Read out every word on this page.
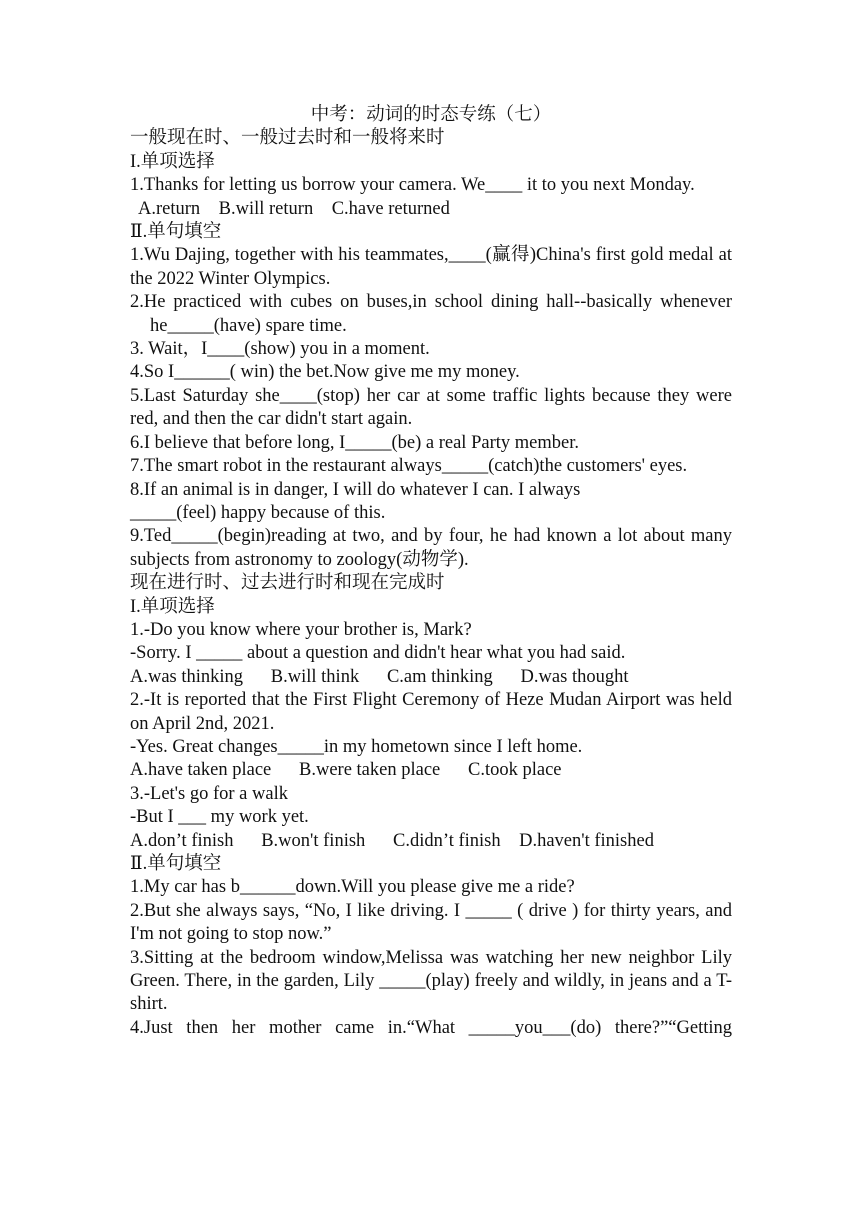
中考：动词的时态专练（七）

一般现在时、一般过去时和一般将来时

I.单项选择

1.Thanks for letting us borrow your camera. We____ it to you next Monday.

A.return    B.will return    C.have returned

Ⅱ.单句填空

1.Wu Dajing, together with his teammates,____(赢得)China's first gold medal at the 2022 Winter Olympics.

2.He practiced with cubes on buses,in school dining hall--basically whenever he_____(have) spare time.

3. Wait，I____(show) you in a moment.

4.So I______( win) the bet.Now give me my money.

5.Last Saturday she____(stop) her car at some traffic lights because they were red, and then the car didn't start again.

6.I believe that before long, I_____(be) a real Party member.

7.The smart robot in the restaurant always_____(catch)the customers' eyes.

8.If an animal is in danger, I will do whatever I can. I always

_____(feel) happy because of this.

9.Ted_____(begin)reading at two, and by four, he had known a lot about many subjects from astronomy to zoology(动物学).

现在进行时、过去进行时和现在完成时

I.单项选择

1.-Do you know where your brother is, Mark?

-Sorry. I _____ about a question and didn't hear what you had said.

A.was thinking      B.will think      C.am thinking      D.was thought

2.-It is reported that the First Flight Ceremony of Heze Mudan Airport was held on April 2nd, 2021.

-Yes. Great changes_____in my hometown since I left home.

A.have taken place      B.were taken place      C.took place

3.-Let's go for a walk

-But I ___ my work yet.

A.don’t finish      B.won't finish      C.didn’t finish    D.haven't finished

Ⅱ.单句填空

1.My car has b______down.Will you please give me a ride?

2.But she always says, “No, I like driving. I _____ ( drive ) for thirty years, and I'm not going to stop now.”

3.Sitting at the bedroom window,Melissa was watching her new neighbor Lily Green. There, in the garden, Lily _____(play) freely and wildly, in jeans and a T-shirt.

4.Just then her mother came in.“What _____you___(do) there?”“Getting
